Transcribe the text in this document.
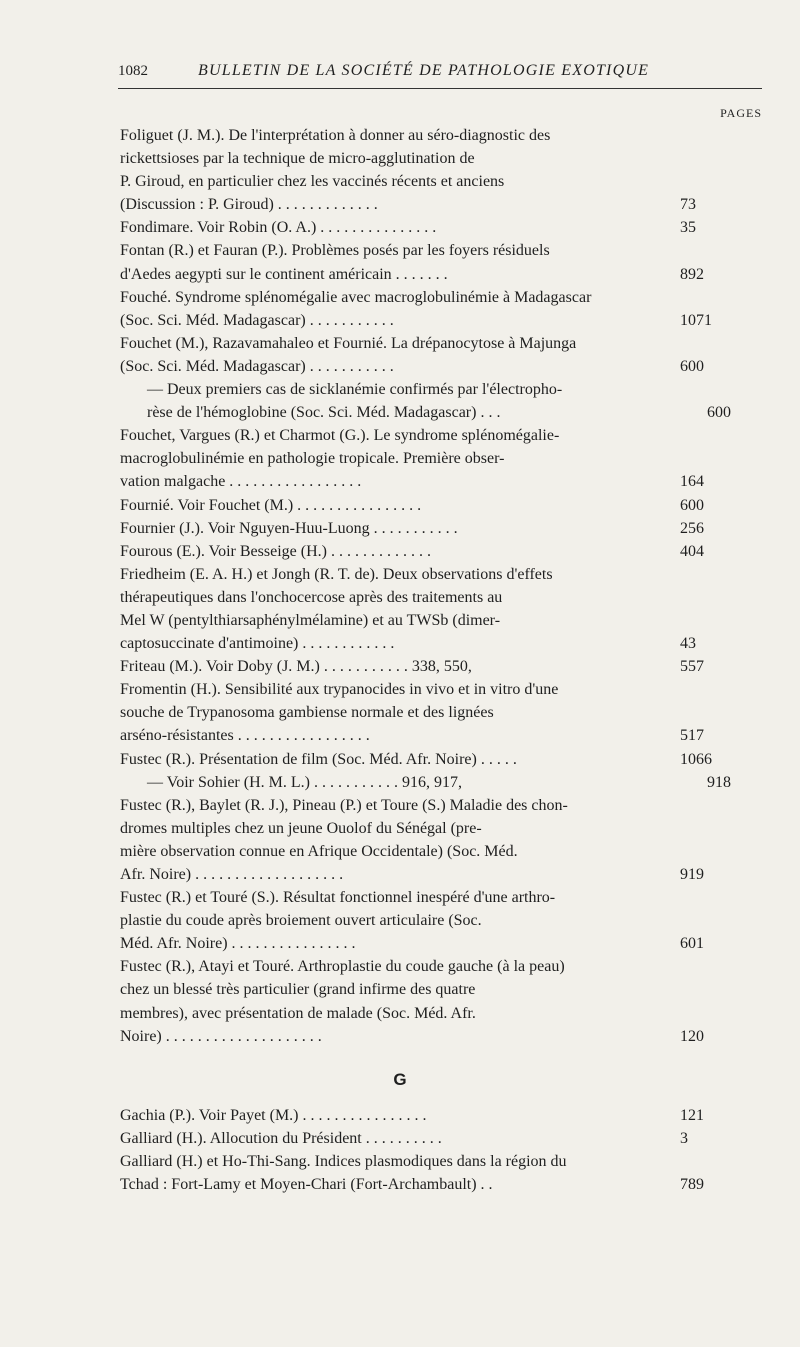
1082	BULLETIN DE LA SOCIÉTÉ DE PATHOLOGIE EXOTIQUE
PAGES
Foliguet (J. M.). De l'interprétation à donner au séro-diagnostic des
rickettsioses par la technique de micro-agglutination de
P. Giroud, en particulier chez les vaccinés récents et anciens
(Discussion : P. Giroud) . . . . . . . . . . . . .	73
Fondimare. Voir Robin (O. A.) . . . . . . . . . . . . . . .	35
Fontan (R.) et Fauran (P.). Problèmes posés par les foyers résiduels
d'Aedes aegypti sur le continent américain . . . . . . .	892
Fouché. Syndrome splénomégalie avec macroglobulinémie à Madagascar
(Soc. Sci. Méd. Madagascar) . . . . . . . . . . .	1071
Fouchet (M.), Razavamahaleo et Fournié. La drépanocytose à Majunga
(Soc. Sci. Méd. Madagascar) . . . . . . . . . . .	600
— Deux premiers cas de sicklanémie confirmés par l'électropho-
rèse de l'hémoglobine (Soc. Sci. Méd. Madagascar) . . .	600
Fouchet, Vargues (R.) et Charmot (G.). Le syndrome splénomégalie-
macroglobulinémie en pathologie tropicale. Première obser-
vation malgache . . . . . . . . . . . . . . . . .	164
Fournié. Voir Fouchet (M.) . . . . . . . . . . . . . . . .	600
Fournier (J.). Voir Nguyen-Huu-Luong . . . . . . . . . . .	256
Fourous (E.). Voir Besseige (H.) . . . . . . . . . . . . .	404
Friedheim (E. A. H.) et Jongh (R. T. de). Deux observations d'effets
thérapeutiques dans l'onchocercose après des traitements au
Mel W (pentylthiarsaphénylmélamine) et au TWSb (dimer-
captosuccinate d'antimoine) . . . . . . . . . . . .	43
Friteau (M.). Voir Doby (J. M.) . . . . . . . . . . . 338, 550,	557
Fromentin (H.). Sensibilité aux trypanocides in vivo et in vitro d'une
souche de Trypanosoma gambiense normale et des lignées
arséno-résistantes . . . . . . . . . . . . . . . . .	517
Fustec (R.). Présentation de film (Soc. Méd. Afr. Noire) . . . . .	1066
— Voir Sohier (H. M. L.) . . . . . . . . . . . 916, 917,	918
Fustec (R.), Baylet (R. J.), Pineau (P.) et Toure (S.) Maladie des chon-
dromes multiples chez un jeune Ouolof du Sénégal (pre-
mière observation connue en Afrique Occidentale) (Soc. Méd.
Afr. Noire) . . . . . . . . . . . . . . . . . . .	919
Fustec (R.) et Touré (S.). Résultat fonctionnel inespéré d'une arthro-
plastie du coude après broiement ouvert articulaire (Soc.
Méd. Afr. Noire) . . . . . . . . . . . . . . . .	601
Fustec (R.), Atayi et Touré. Arthroplastie du coude gauche (à la peau)
chez un blessé très particulier (grand infirme des quatre
membres), avec présentation de malade (Soc. Méd. Afr.
Noire) . . . . . . . . . . . . . . . . . . . .	120
G
Gachia (P.). Voir Payet (M.) . . . . . . . . . . . . . . . .	121
Galliard (H.). Allocution du Président . . . . . . . . . .	3
Galliard (H.) et Ho-Thi-Sang. Indices plasmodiques dans la région du
Tchad : Fort-Lamy et Moyen-Chari (Fort-Archambault) . .	789
